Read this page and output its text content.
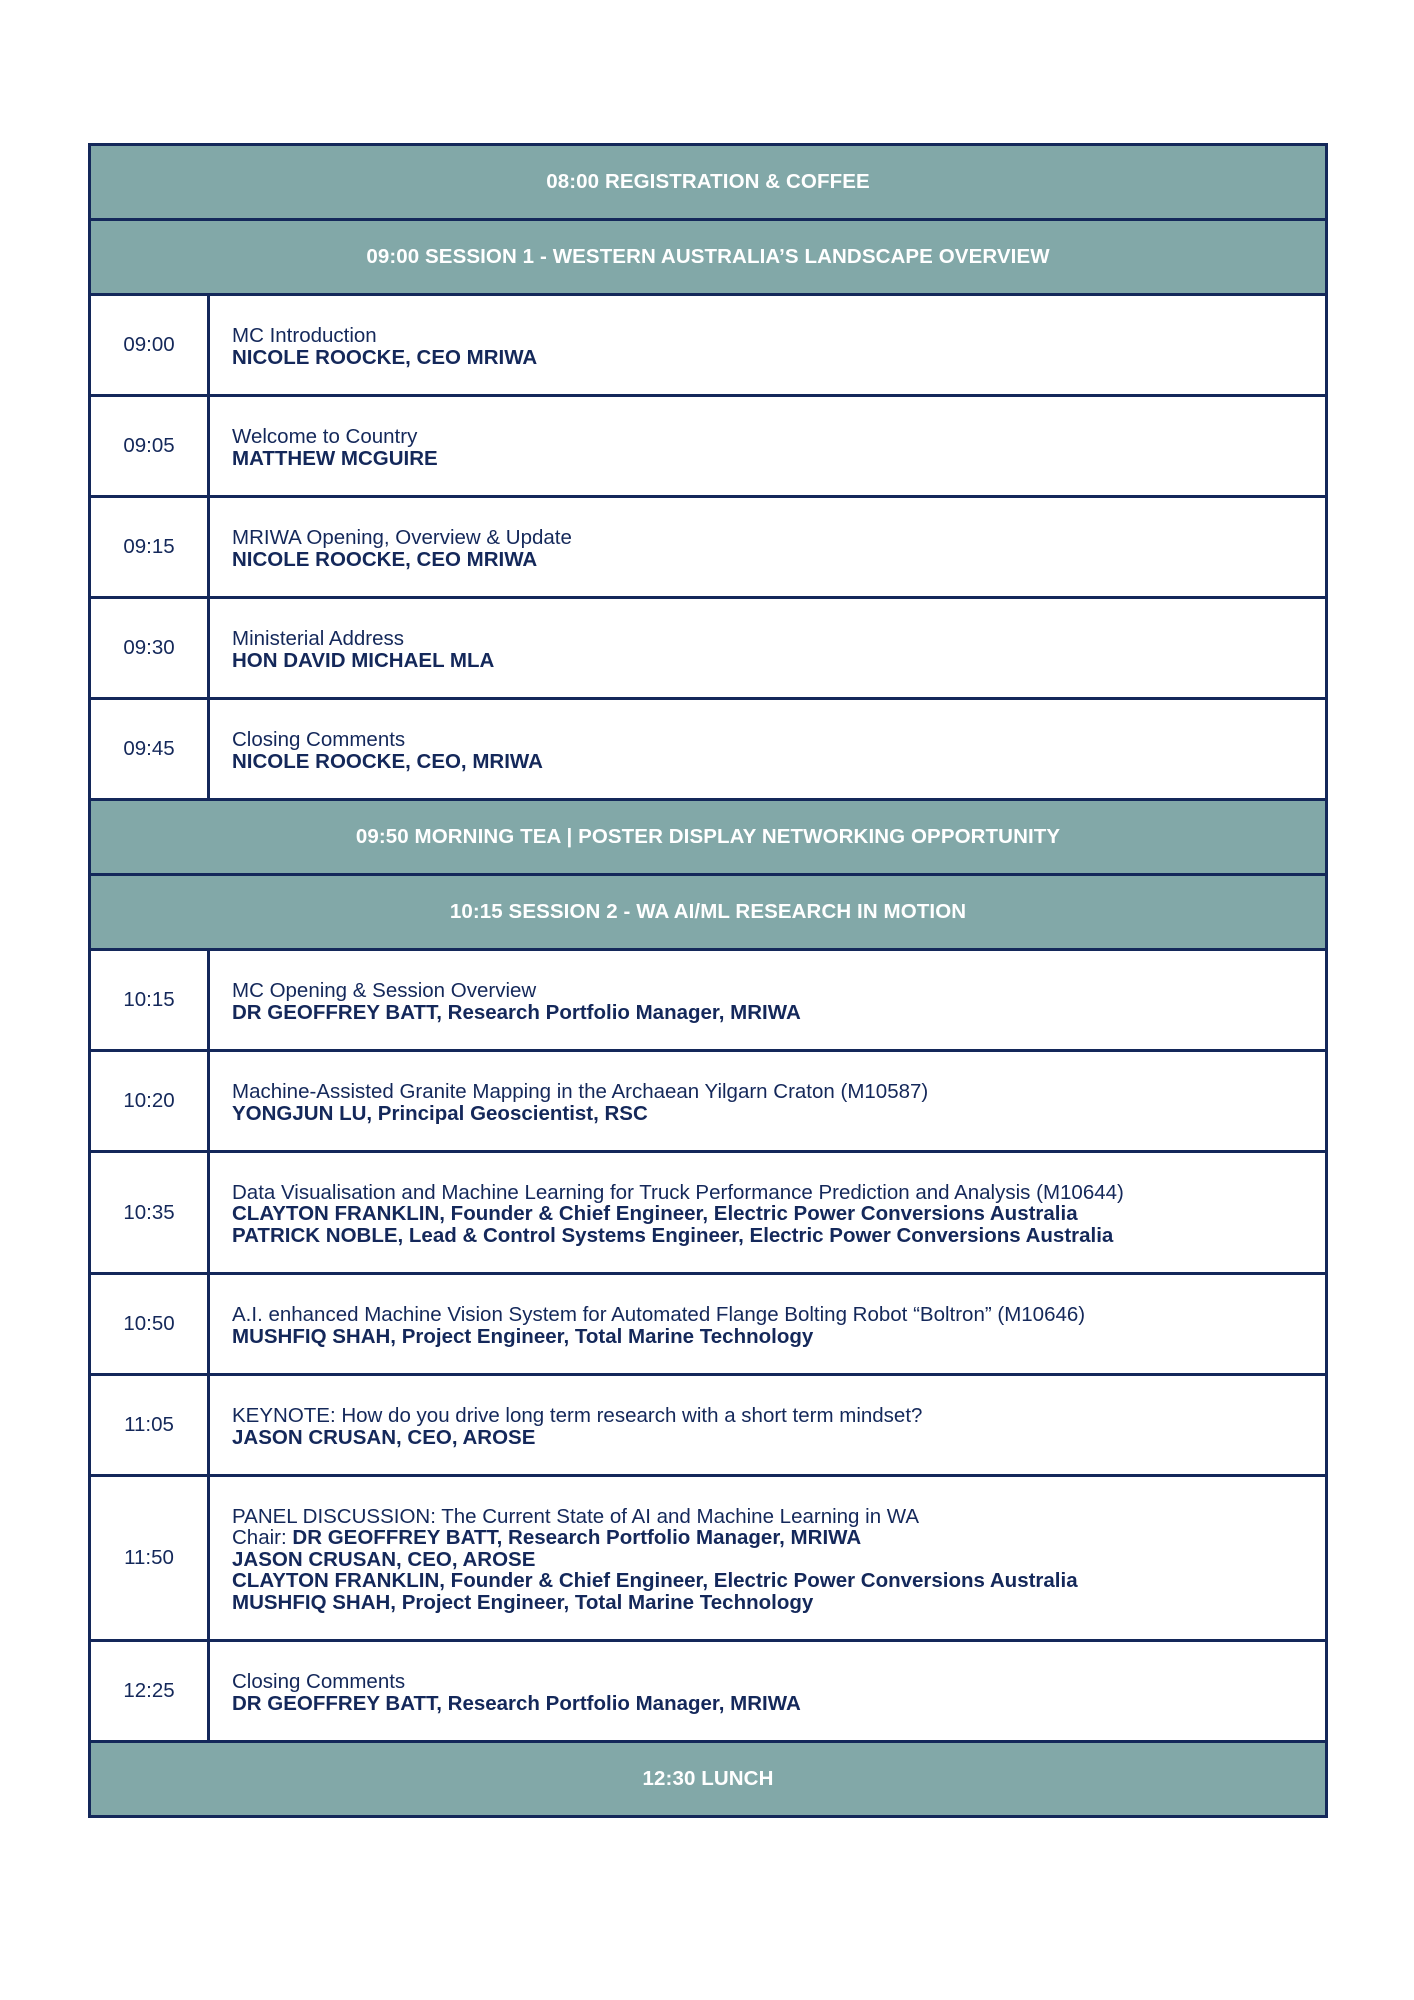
08:00 REGISTRATION & COFFEE	
09:00 SESSION 1 - WESTERN AUSTRALIA’S LANDSCAPE OVERVIEW	
09:00	MC Introduction
NICOLE ROOCKE, CEO MRIWA

09:05	Welcome to Country
MATTHEW MCGUIRE

09:15	MRIWA Opening, Overview & Update
NICOLE ROOCKE, CEO MRIWA

09:30	Ministerial Address
HON DAVID MICHAEL MLA

09:45	Closing Comments
NICOLE ROOCKE, CEO, MRIWA

09:50 MORNING TEA | POSTER DISPLAY NETWORKING OPPORTUNITY	
10:15 SESSION 2 - WA AI/ML RESEARCH IN MOTION	
10:15	MC Opening & Session Overview
DR GEOFFREY BATT, Research Portfolio Manager, MRIWA

10:20	Machine-Assisted Granite Mapping in the Archaean Yilgarn Craton (M10587)
YONGJUN LU, Principal Geoscientist, RSC

10:35	Data Visualisation and Machine Learning for Truck Performance Prediction and Analysis (M10644)
CLAYTON FRANKLIN, Founder & Chief Engineer, Electric Power Conversions Australia
PATRICK NOBLE, Lead & Control Systems Engineer, Electric Power Conversions Australia

10:50	A.I. enhanced Machine Vision System for Automated Flange Bolting Robot “Boltron” (M10646)
MUSHFIQ SHAH, Project Engineer, Total Marine Technology

11:05	KEYNOTE: How do you drive long term research with a short term mindset?
JASON CRUSAN, CEO, AROSE

11:50	PANEL DISCUSSION: The Current State of AI and Machine Learning in WA
Chair: DR GEOFFREY BATT, Research Portfolio Manager, MRIWA
JASON CRUSAN, CEO, AROSE
CLAYTON FRANKLIN, Founder & Chief Engineer, Electric Power Conversions Australia
MUSHFIQ SHAH, Project Engineer, Total Marine Technology

12:25	Closing Comments
DR GEOFFREY BATT, Research Portfolio Manager, MRIWA

12:30 LUNCH	
